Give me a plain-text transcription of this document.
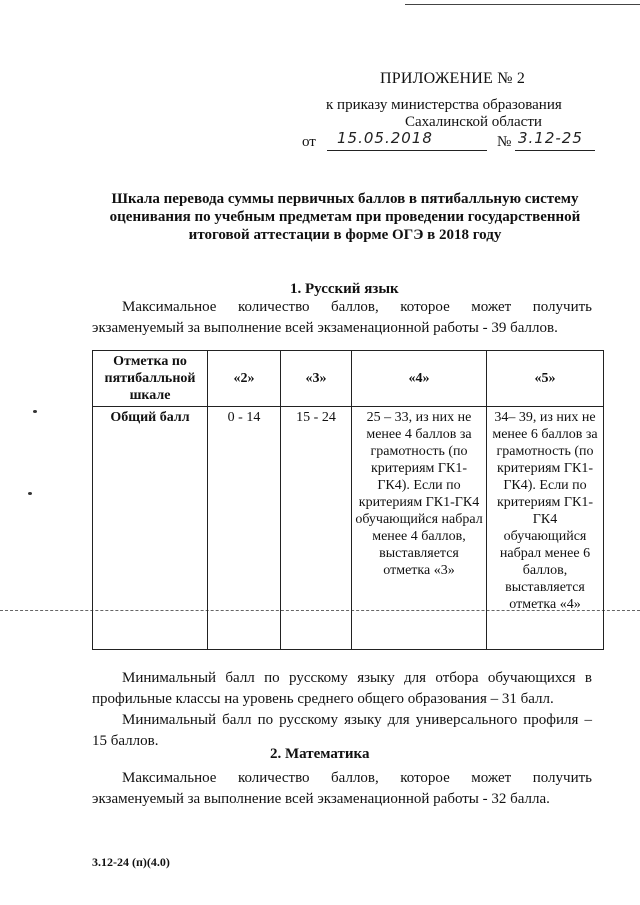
ПРИЛОЖЕНИЕ № 2
к приказу министерства образования
Сахалинской области
от 15.05.2018	№ 3.12-25
Шкала перевода суммы первичных баллов в пятибалльную систему оценивания по учебным предметам при проведении государственной итоговой аттестации в форме ОГЭ в 2018 году
1. Русский язык
Максимальное количество баллов, которое может получить экзаменуемый за выполнение всей экзаменационной работы - 39 баллов.
Отметка по пятибалльной шкале	«2»	«3»	«4»	«5»
Общий балл	0 - 14	15 - 24	25 – 33, из них не менее 4 баллов за грамотность (по критериям ГК1-ГК4). Если по критериям ГК1-ГК4 обучающийся набрал менее 4 баллов, выставляется отметка «3»	34– 39, из них не менее 6 баллов за грамотность (по критериям ГК1-ГК4). Если по критериям ГК1-ГК4 обучающийся набрал менее 6 баллов, выставляется отметка «4»
Минимальный балл по русскому языку для отбора обучающихся в профильные классы на уровень среднего общего образования – 31 балл.
Минимальный балл по русскому языку для универсального профиля – 15 баллов.
2. Математика
Максимальное количество баллов, которое может получить экзаменуемый за выполнение всей экзаменационной работы - 32 балла.
3.12-24 (п)(4.0)
